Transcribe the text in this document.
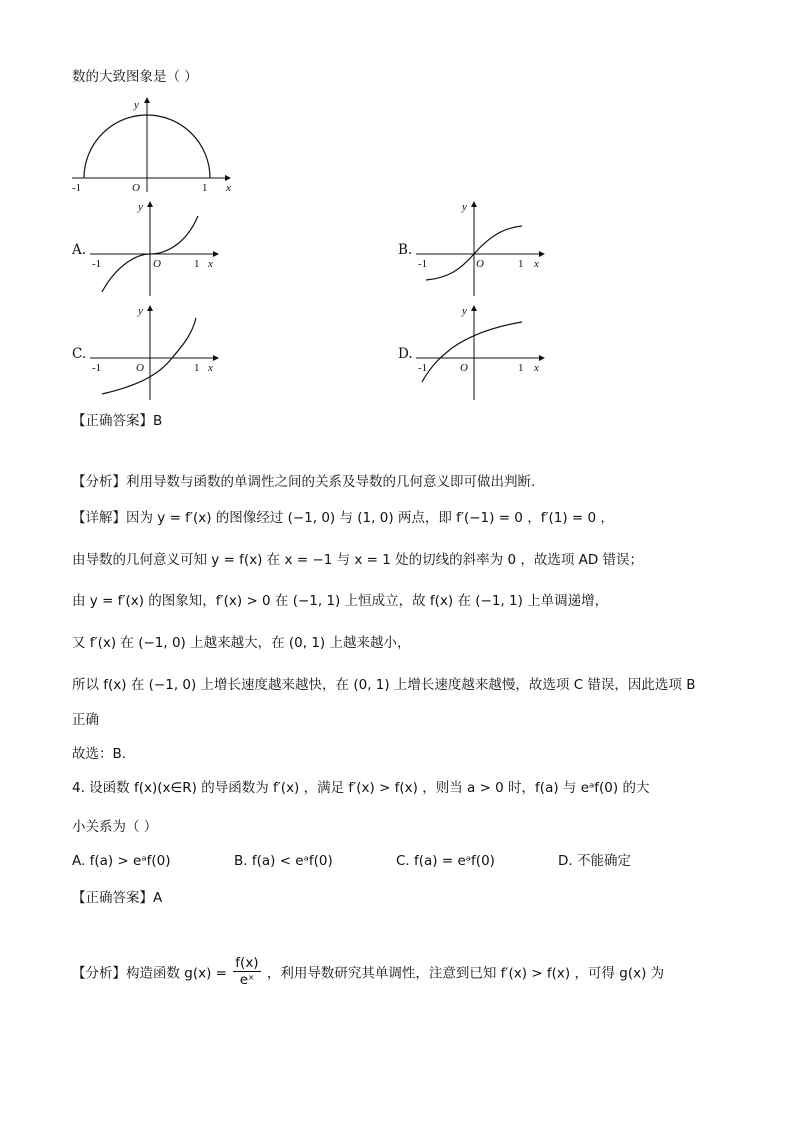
数的大致图象是（ ）
-1	O	1 x
y
A.
-1	O	1 x
y
B.
-1	O	1 x
y
C.
-1	O	1 x
y
D.
-1	O	1 x
y
【正确答案】B
【分析】利用导数与函数的单调性之间的关系及导数的几何意义即可做出判断.
【详解】因为 y = f′(x) 的图像经过 (−1, 0) 与 (1, 0) 两点，即 f′(−1) = 0 ，f′(1) = 0 ，
由导数的几何意义可知 y = f(x) 在 x = −1 与 x = 1 处的切线的斜率为 0 ，故选项 AD 错误；
由 y = f′(x) 的图象知，f′(x) > 0 在 (−1, 1) 上恒成立，故 f(x) 在 (−1, 1) 上单调递增，
又 f′(x) 在 (−1, 0) 上越来越大，在 (0, 1) 上越来越小，
所以 f(x) 在 (−1, 0) 上增长速度越来越快，在 (0, 1) 上增长速度越来越慢，故选项 C 错误，因此选项 B
正确
故选：B.
4. 设函数 f(x)(x∈R) 的导函数为 f′(x) ，满足 f′(x) > f(x) ，则当 a > 0 时，f(a) 与 eᵃf(0) 的大
小关系为（ ）
A. f(a) > eᵃf(0)	B. f(a) < eᵃf(0)	C. f(a) = eᵃf(0)	D. 不能确定
【正确答案】A
【分析】构造函数 $g(x) = \frac{f(x)}{\text{eˣ}}$ ，利用导数研究其单调性，注意到已知 f′(x) > f(x) ，可得 g(x) 为
